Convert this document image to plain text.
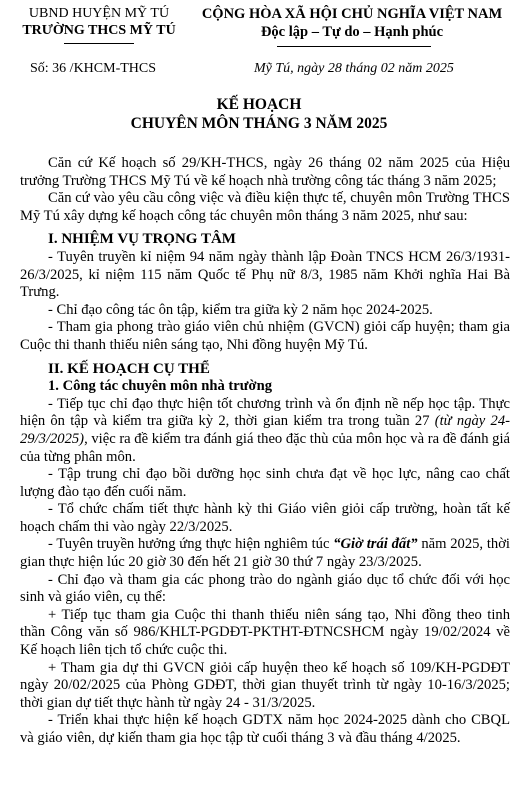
UBND HUYỆN MỸ TÚ
TRƯỜNG THCS MỸ TÚ
CỘNG HÒA XÃ HỘI CHỦ NGHĨA VIỆT NAM
Độc lập – Tự do – Hạnh phúc
Số: 36 /KHCM-THCS	Mỹ Tú, ngày 28 tháng 02 năm 2025
KẾ HOẠCH
CHUYÊN MÔN THÁNG 3 NĂM 2025

Căn cứ Kế hoạch số 29/KH-THCS, ngày 26 tháng 02 năm 2025 của Hiệu trưởng Trường THCS Mỹ Tú về kế hoạch nhà trường công tác tháng 3 năm 2025;

Căn cứ vào yêu cầu công việc và điều kiện thực tế, chuyên môn Trường THCS Mỹ Tú xây dựng kế hoạch công tác chuyên môn tháng 3 năm 2025, như sau:

I. NHIỆM VỤ TRỌNG TÂM

- Tuyên truyền kỉ niệm 94 năm ngày thành lập Đoàn TNCS HCM 26/3/1931- 26/3/2025, kỉ niệm 115 năm Quốc tế Phụ nữ 8/3, 1985 năm Khởi nghĩa Hai Bà Trưng.

- Chỉ đạo công tác ôn tập, kiểm tra giữa kỳ 2 năm học 2024-2025.

- Tham gia phong trào giáo viên chủ nhiệm (GVCN) giỏi cấp huyện; tham gia Cuộc thi thanh thiếu niên sáng tạo, Nhi đồng huyện Mỹ Tú.

II. KẾ HOẠCH CỤ THỂ

1. Công tác chuyên môn nhà trường

- Tiếp tục chỉ đạo thực hiện tốt chương trình và ổn định nề nếp học tập. Thực hiện ôn tập và kiểm tra giữa kỳ 2, thời gian kiểm tra trong tuần 27 (từ ngày 24-29/3/2025), việc ra đề kiểm tra đánh giá theo đặc thù của môn học và ra đề đánh giá của từng phân môn.

- Tập trung chỉ đạo bồi dưỡng học sinh chưa đạt về học lực, nâng cao chất lượng đào tạo đến cuối năm.

- Tổ chức chấm tiết thực hành kỳ thi Giáo viên giỏi cấp trường, hoàn tất kế hoạch chấm thi vào ngày 22/3/2025.

- Tuyên truyền hưởng ứng thực hiện nghiêm túc “Giờ trái đất” năm 2025, thời gian thực hiện lúc 20 giờ 30 đến hết 21 giờ 30 thứ 7 ngày 23/3/2025.

- Chỉ đạo và tham gia các phong trào do ngành giáo dục tổ chức đối với học sinh và giáo viên, cụ thể:

+ Tiếp tục tham gia Cuộc thi thanh thiếu niên sáng tạo, Nhi đồng theo tinh thần Công văn số 986/KHLT-PGDĐT-PKTHT-ĐTNCSHCM ngày 19/02/2024 về Kế hoạch liên tịch tổ chức cuộc thi.

+ Tham gia dự thi GVCN giỏi cấp huyện theo kế hoạch số 109/KH-PGDĐT ngày 20/02/2025 của Phòng GDĐT, thời gian thuyết trình từ ngày 10-16/3/2025; thời gian dự tiết thực hành từ ngày 24 - 31/3/2025.

- Triển khai thực hiện kế hoạch GDTX năm học 2024-2025 dành cho CBQL và giáo viên, dự kiến tham gia học tập từ cuối tháng 3 và đầu tháng 4/2025.
